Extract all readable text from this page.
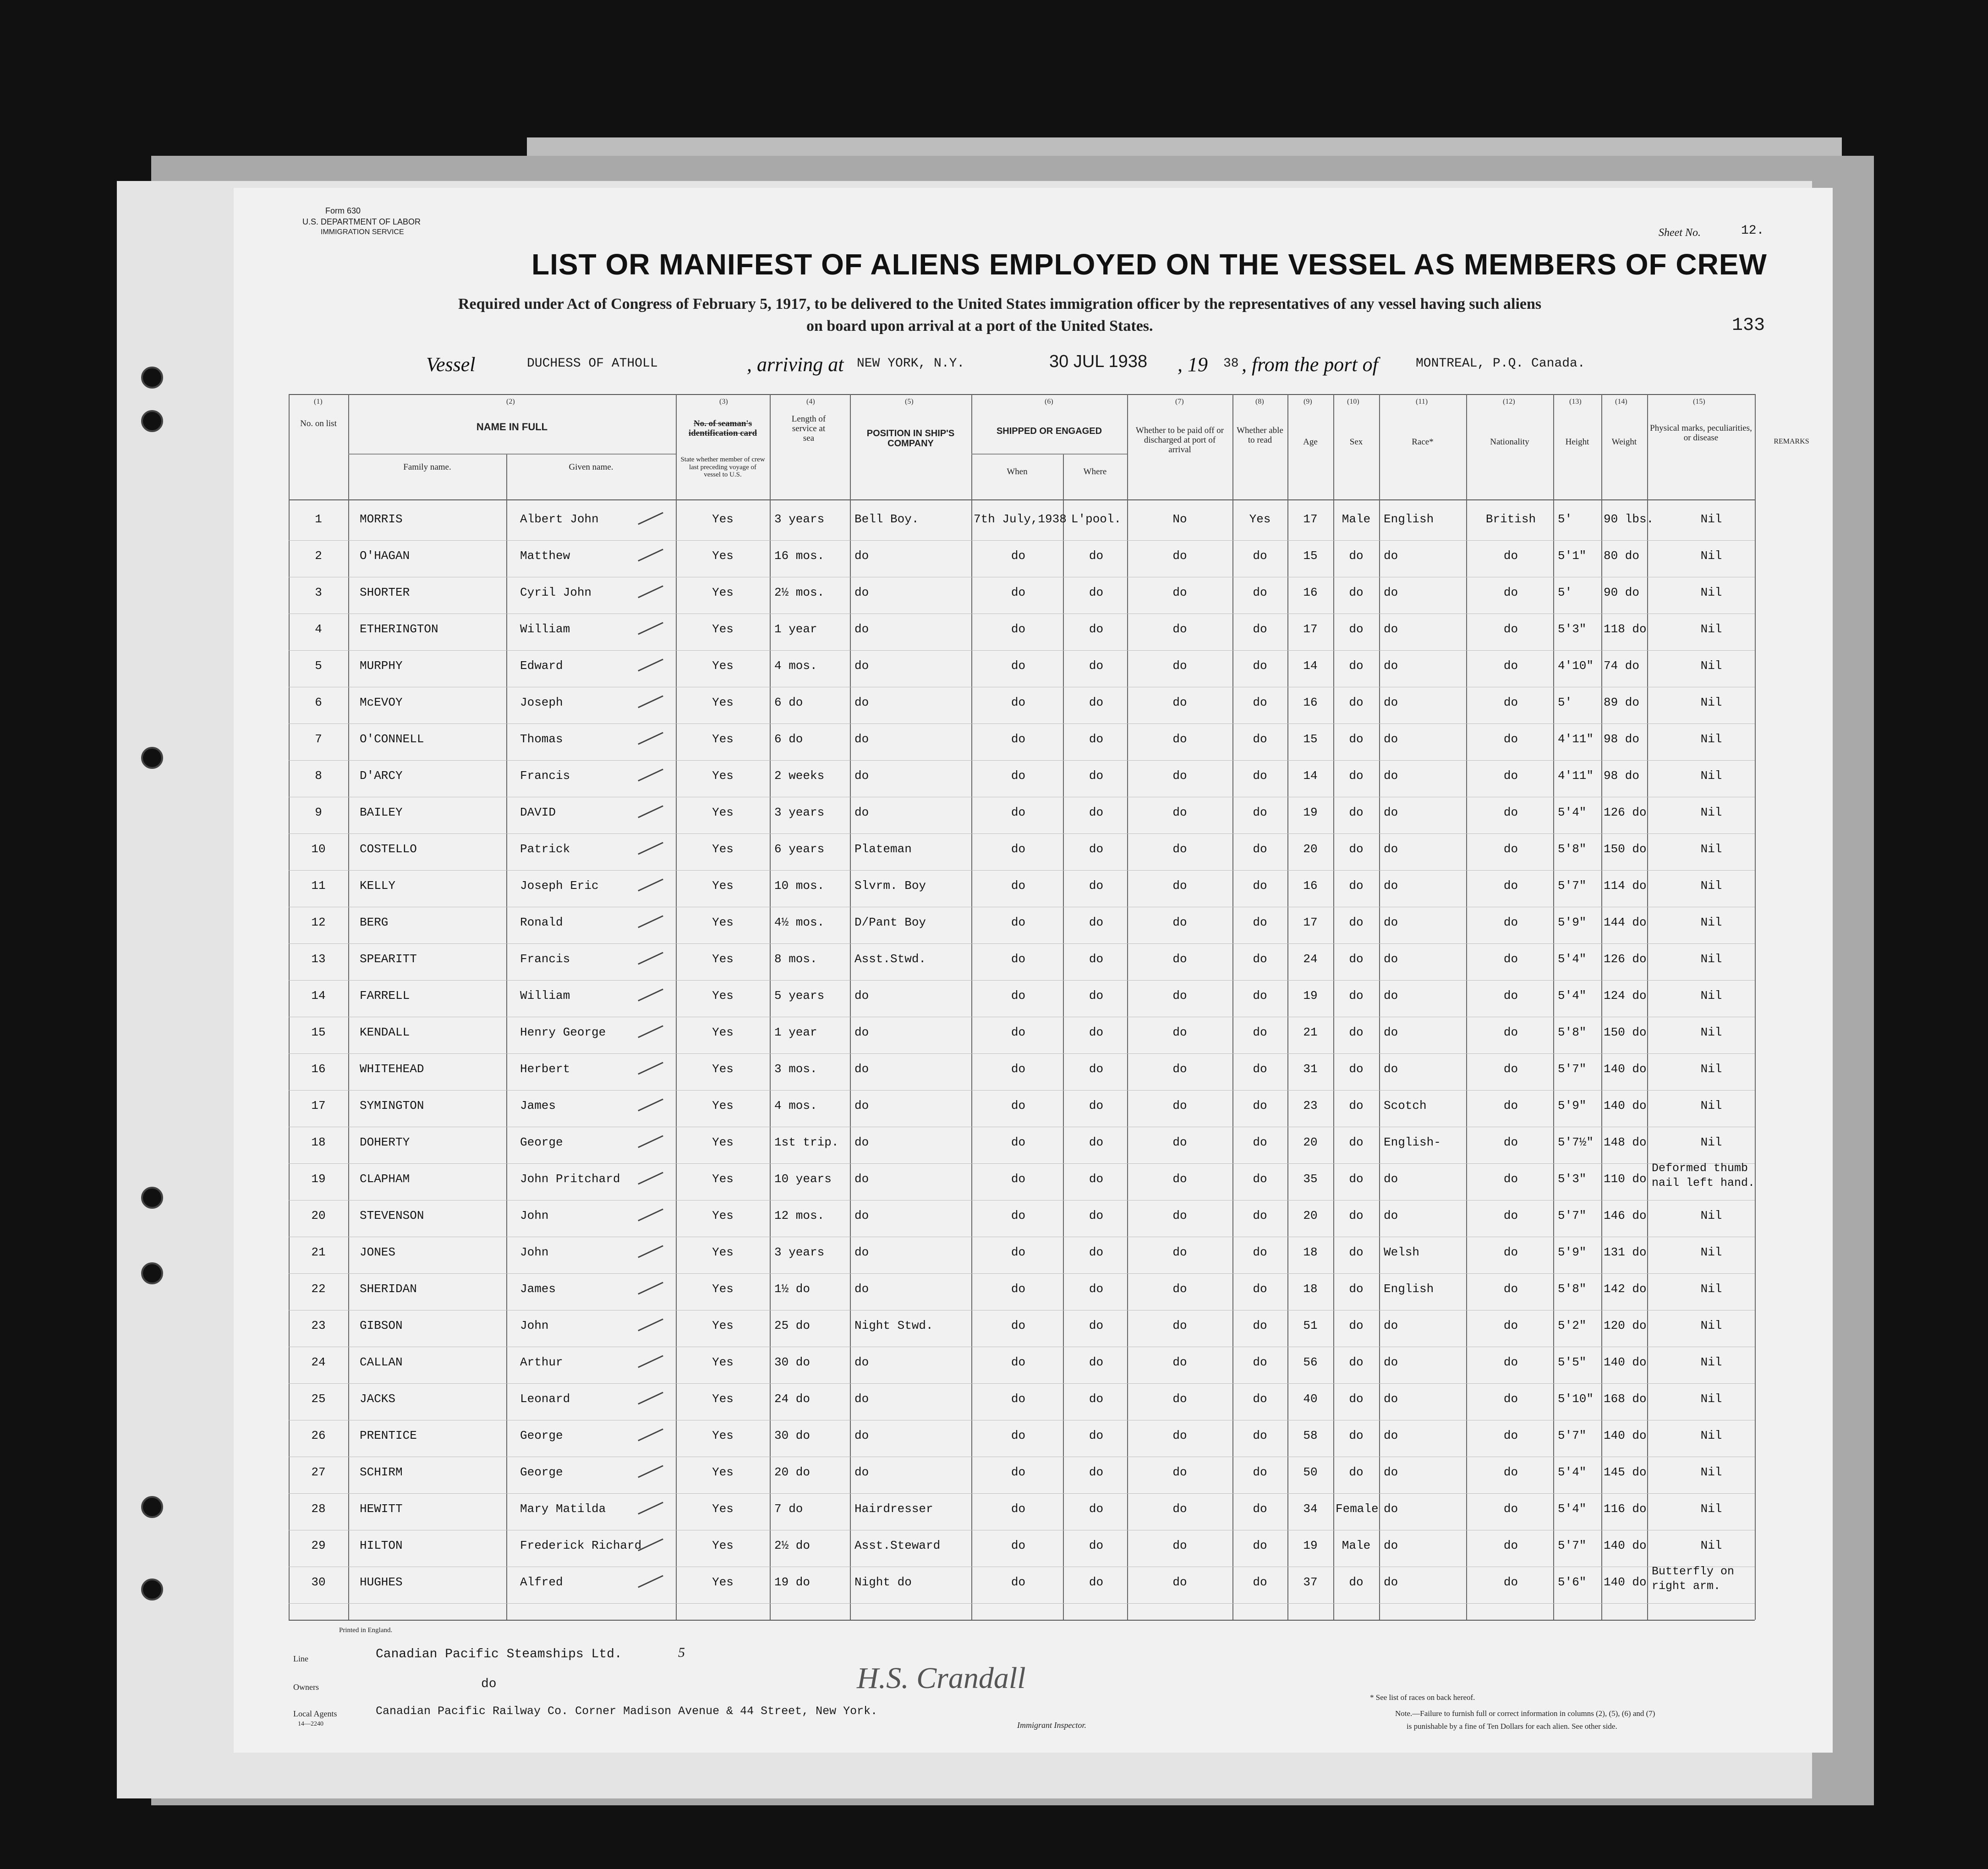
Form 630
U.S. DEPARTMENT OF LABOR
IMMIGRATION SERVICE	Sheet No.	12.
LIST OR MANIFEST OF ALIENS EMPLOYED ON THE VESSEL AS MEMBERS OF CREW
Required under Act of Congress of February 5, 1917, to be delivered to the United States immigration officer by the representatives of any vessel having such aliens
on board upon arrival at a port of the United States.	133
Vessel	DUCHESS OF ATHOLL	, arriving at NEW YORK, N.Y.	30 JUL 1938 , 19 38 , from the port of	MONTREAL, P.Q. Canada.
(1)	(2)	(3)	(4)	(5)	(6)	(7)	(8)	(9)	(10)	(11)	(12)	(13)	(14)	(15)
No. on list	NAME IN FULL
Family name.	Given name.
No. of seaman's identification card
State whether member of crew last preceding voyage of vessel to U.S.
Length of service at sea	POSITION IN SHIP'S COMPANY
SHIPPED OR ENGAGED
When	Where
Whether to be paid off or discharged at port of arrival
Whether able to read	Age	Sex	Race*	Nationality	Height	Weight
Physical marks, peculiarities, or disease	REMARKS
1	MORRIS	Albert John	Yes	3 years	Bell Boy.	7th July,1938 L'pool.	No	Yes	17	Male	English	British	5'	90 lbs.	Nil
2	O'HAGAN	Matthew	Yes	16 mos.	do	do	do	do	do	15	do	do	do	5'1"	80 do	Nil
3	SHORTER	Cyril John	Yes	2½ mos.	do	do	do	do	do	16	do	do	do	5'	90 do	Nil
4	ETHERINGTON	William	Yes	1 year	do	do	do	do	do	17	do	do	do	5'3"	118 do	Nil
5	MURPHY	Edward	Yes	4 mos.	do	do	do	do	do	14	do	do	do	4'10" 74 do	Nil
6	McEVOY	Joseph	Yes	6 do	do	do	do	do	do	16	do	do	do	5'	89 do	Nil
7	O'CONNELL	Thomas	Yes	6 do	do	do	do	do	do	15	do	do	do	4'11" 98 do	Nil
8	D'ARCY	Francis	Yes	2 weeks	do	do	do	do	do	14	do	do	do	4'11" 98 do	Nil
9	BAILEY	DAVID	Yes	3 years	do	do	do	do	do	19	do	do	do	5'4"	126 do	Nil
10	COSTELLO	Patrick	Yes	6 years	Plateman	do	do	do	do	20	do	do	do	5'8"	150 do	Nil
11	KELLY	Joseph Eric	Yes	10 mos.	Slvrm. Boy	do	do	do	do	16	do	do	do	5'7"	114 do	Nil
12	BERG	Ronald	Yes	4½ mos.	D/Pant Boy	do	do	do	do	17	do	do	do	5'9"	144 do	Nil
13	SPEARITT	Francis	Yes	8 mos.	Asst.Stwd.	do	do	do	do	24	do	do	do	5'4"	126 do	Nil
14	FARRELL	William	Yes	5 years	do	do	do	do	do	19	do	do	do	5'4"	124 do	Nil
15	KENDALL	Henry George	Yes	1 year	do	do	do	do	do	21	do	do	do	5'8"	150 do	Nil
16	WHITEHEAD	Herbert	Yes	3 mos.	do	do	do	do	do	31	do	do	do	5'7"	140 do	Nil
17	SYMINGTON	James	Yes	4 mos.	do	do	do	do	do	23	do	Scotch	do	5'9"	140 do	Nil
18	DOHERTY	George	Yes	1st trip.	do	do	do	do	do	20	do	English-	do	5'7½" 148 do	Nil
19	CLAPHAM	John Pritchard	Yes	10 years	do	do	do	do	do	35	do	do	do	5'3"	110 do
Deformed thumb nail left hand.
20	STEVENSON	John	Yes	12 mos.	do	do	do	do	do	20	do	do	do	5'7"	146 do	Nil
21	JONES	John	Yes	3 years	do	do	do	do	do	18	do	Welsh	do	5'9"	131 do	Nil
22	SHERIDAN	James	Yes	1½ do	do	do	do	do	do	18	do	English	do	5'8"	142 do	Nil
23	GIBSON	John	Yes	25 do	Night Stwd.	do	do	do	do	51	do	do	do	5'2"	120 do	Nil
24	CALLAN	Arthur	Yes	30 do	do	do	do	do	do	56	do	do	do	5'5"	140 do	Nil
25	JACKS	Leonard	Yes	24 do	do	do	do	do	do	40	do	do	do	5'10" 168 do	Nil
26	PRENTICE	George	Yes	30 do	do	do	do	do	do	58	do	do	do	5'7"	140 do	Nil
27	SCHIRM	George	Yes	20 do	do	do	do	do	do	50	do	do	do	5'4"	145 do	Nil
28	HEWITT	Mary Matilda	Yes	7 do	Hairdresser	do	do	do	do	34	Female do	do	5'4"	116 do	Nil
29	HILTON	Frederick Richard	Yes	2½ do	Asst.Steward	do	do	do	do	19	Male	do	do	5'7"	140 do	Nil
30	HUGHES	Alfred	Yes	19 do	Night do	do	do	do	do	37	do	do	do	5'6"	140 do
Butterfly on right arm.
Printed in England.
Line	Canadian Pacific Steamships Ltd.	5
Owners	do
Local Agents
14—2240
Canadian Pacific Railway Co. Corner Madison Avenue & 44 Street, New York.
H.S. Crandall
Immigrant Inspector.
* See list of races on back hereof.
Note.—Failure to furnish full or correct information in columns (2), (5), (6) and (7)
is punishable by a fine of Ten Dollars for each alien. See other side.
